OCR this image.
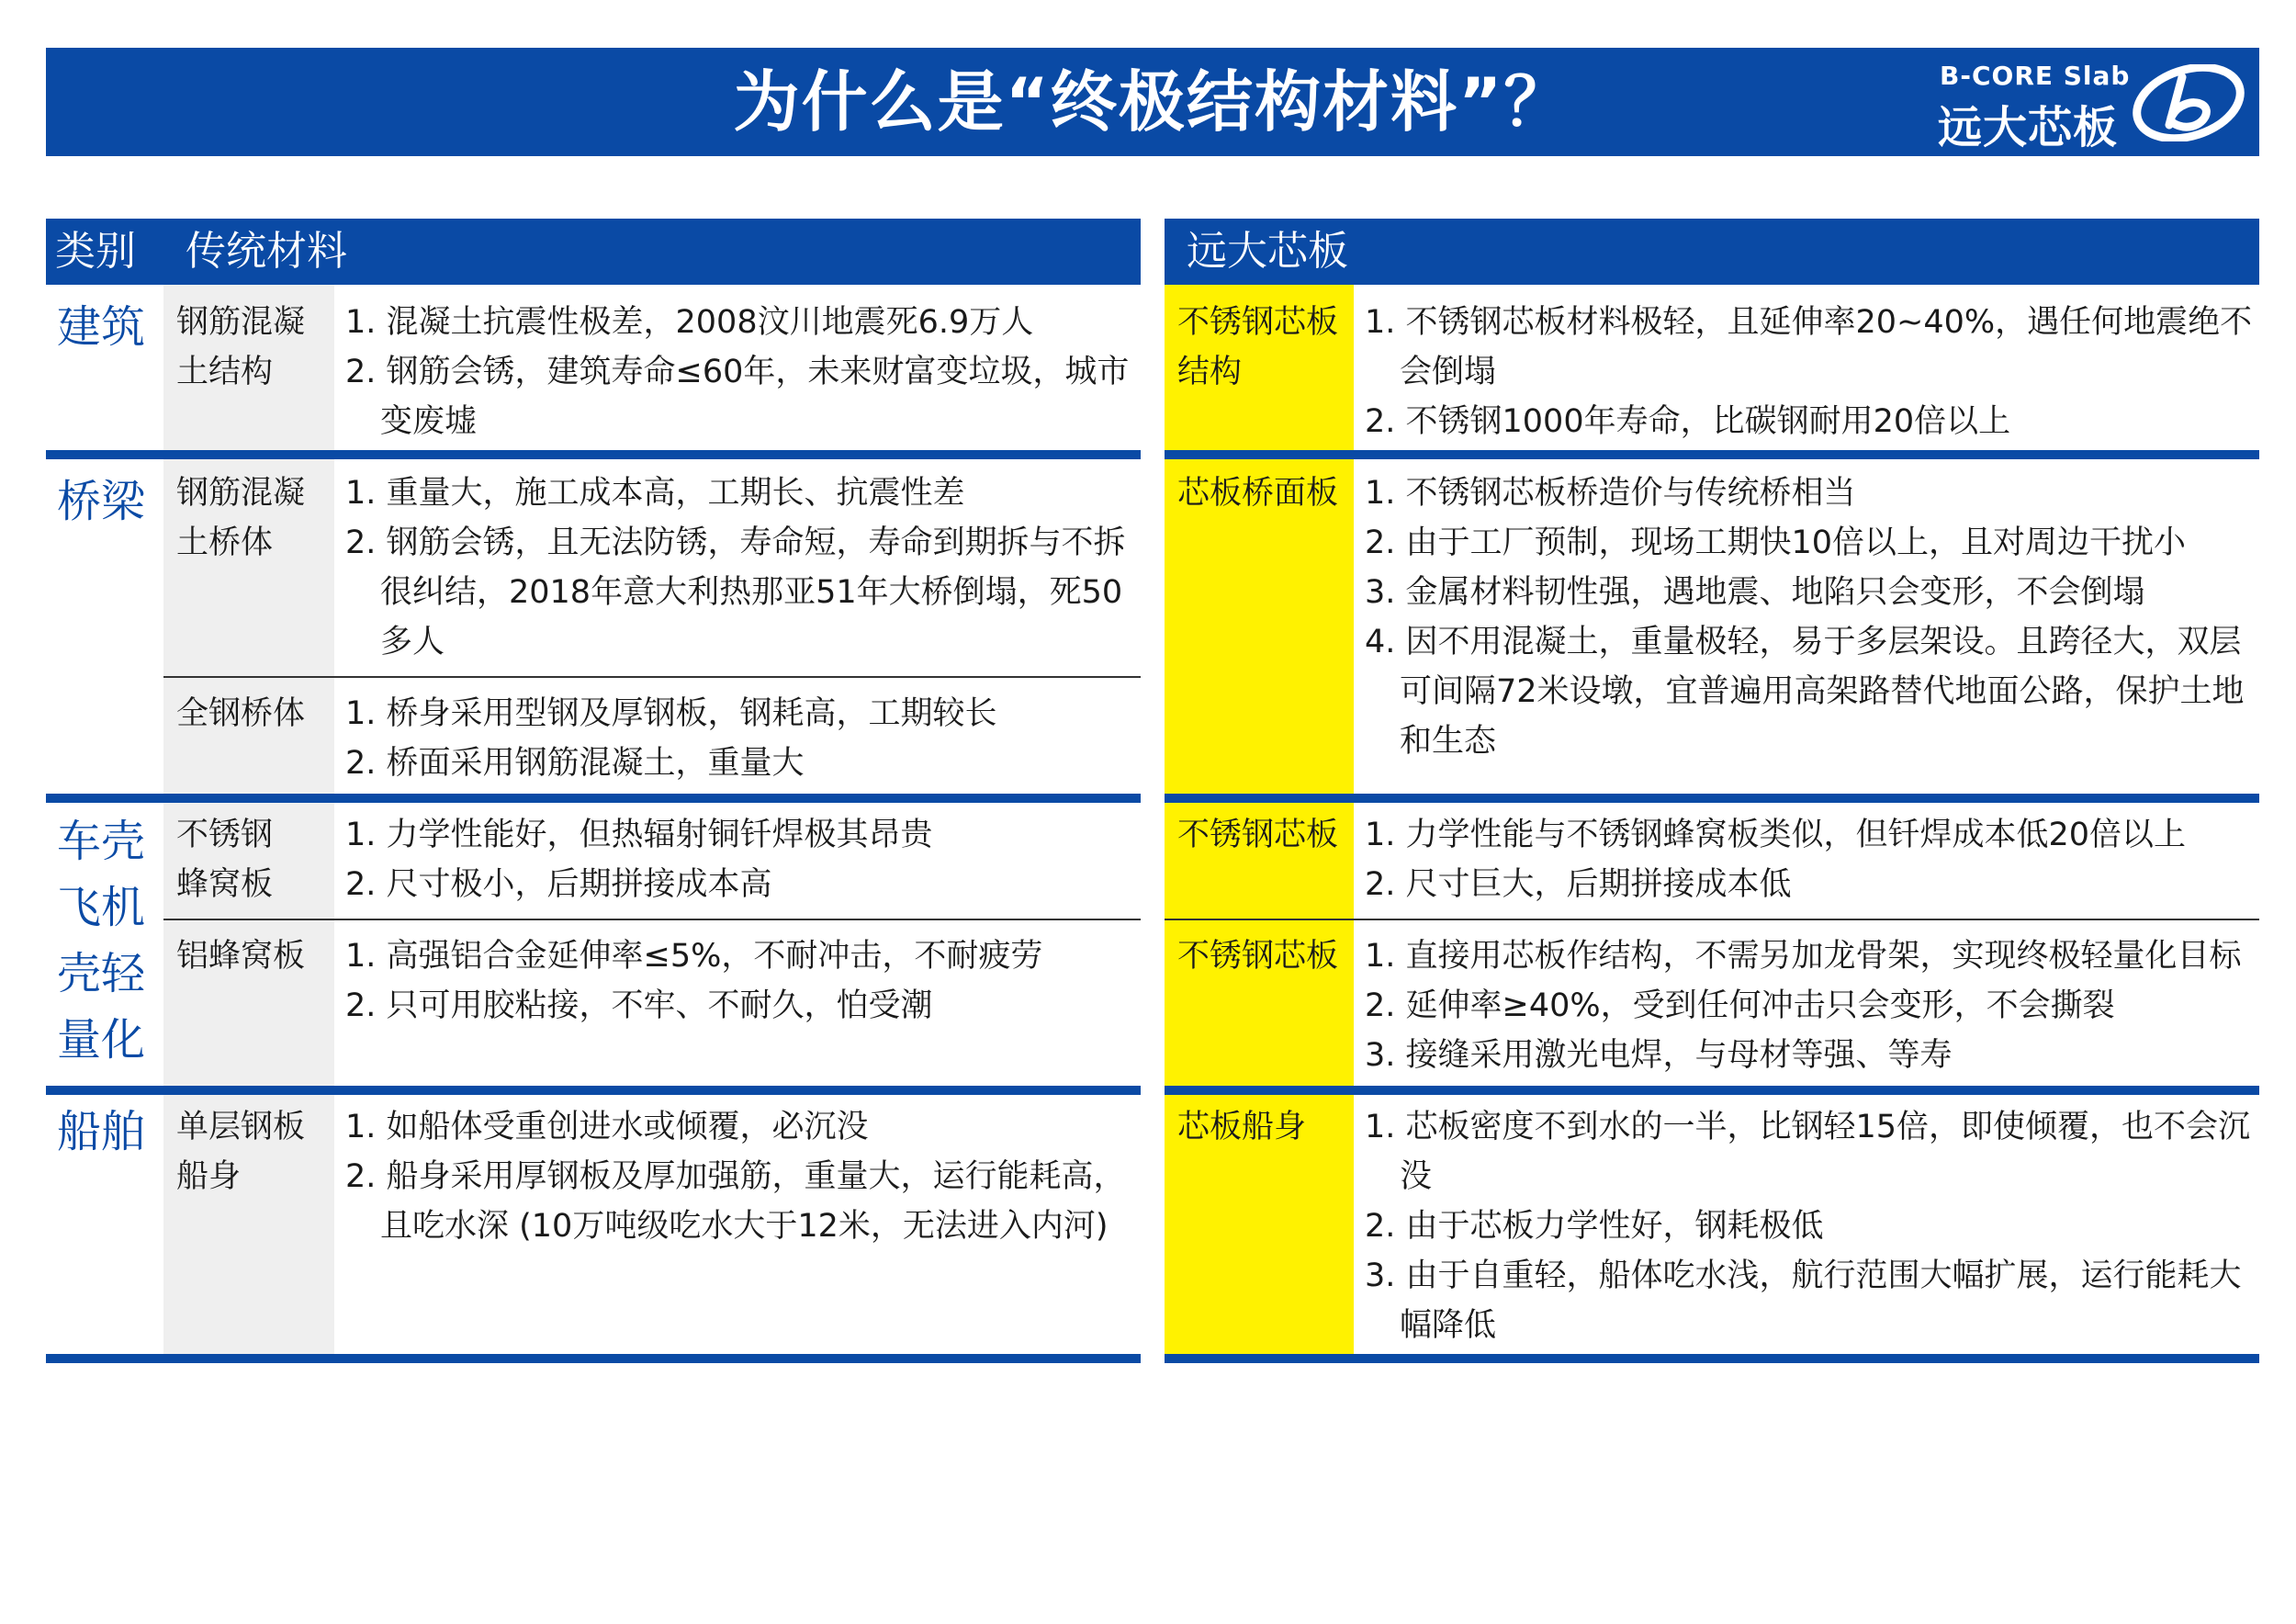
为什么是“终极结构材料”？	B-CORE Slab
远大芯板
类别 传统材料	远大芯板
建筑
桥梁
车壳
飞机
壳轻
量化
船舶
钢筋混凝
土结构
1. 混凝土抗震性极差，2008汶川地震死6.9万人
2. 钢筋会锈，建筑寿命≤60年，未来财富变垃圾，城市变废墟
钢筋混凝
土桥体
1. 重量大，施工成本高，工期长、抗震性差
2. 钢筋会锈，且无法防锈，寿命短，寿命到期拆与不拆很纠结，2018年意大利热那亚51年大桥倒塌，死50多人
全钢桥体 1. 桥身采用型钢及厚钢板，钢耗高，工期较长
2. 桥面采用钢筋混凝土，重量大
不锈钢
蜂窝板
1. 力学性能好，但热辐射铜钎焊极其昂贵
2. 尺寸极小，后期拼接成本高
铝蜂窝板 1. 高强铝合金延伸率≤5%，不耐冲击，不耐疲劳
2. 只可用胶粘接，不牢、不耐久，怕受潮
单层钢板
船身
1. 如船体受重创进水或倾覆，必沉没
2. 船身采用厚钢板及厚加强筋，重量大，运行能耗高，且吃水深 (10万吨级吃水大于12米，无法进入内河)
不锈钢芯板
结构
1. 不锈钢芯板材料极轻，且延伸率20~40%，遇任何地震绝不会倒塌
2. 不锈钢1000年寿命，比碳钢耐用20倍以上
芯板桥面板 1. 不锈钢芯板桥造价与传统桥相当
2. 由于工厂预制，现场工期快10倍以上，且对周边干扰小
3. 金属材料韧性强，遇地震、地陷只会变形，不会倒塌
4. 因不用混凝土，重量极轻，易于多层架设。且跨径大，双层可间隔72米设墩，宜普遍用高架路替代地面公路，保护土地和生态
不锈钢芯板 1. 力学性能与不锈钢蜂窝板类似，但钎焊成本低20倍以上
2. 尺寸巨大，后期拼接成本低
不锈钢芯板 1. 直接用芯板作结构，不需另加龙骨架，实现终极轻量化目标
2. 延伸率≥40%，受到任何冲击只会变形，不会撕裂
3. 接缝采用激光电焊，与母材等强、等寿
芯板船身 1. 芯板密度不到水的一半，比钢轻15倍，即使倾覆，也不会沉没
2. 由于芯板力学性好，钢耗极低
3. 由于自重轻，船体吃水浅，航行范围大幅扩展，运行能耗大幅降低
